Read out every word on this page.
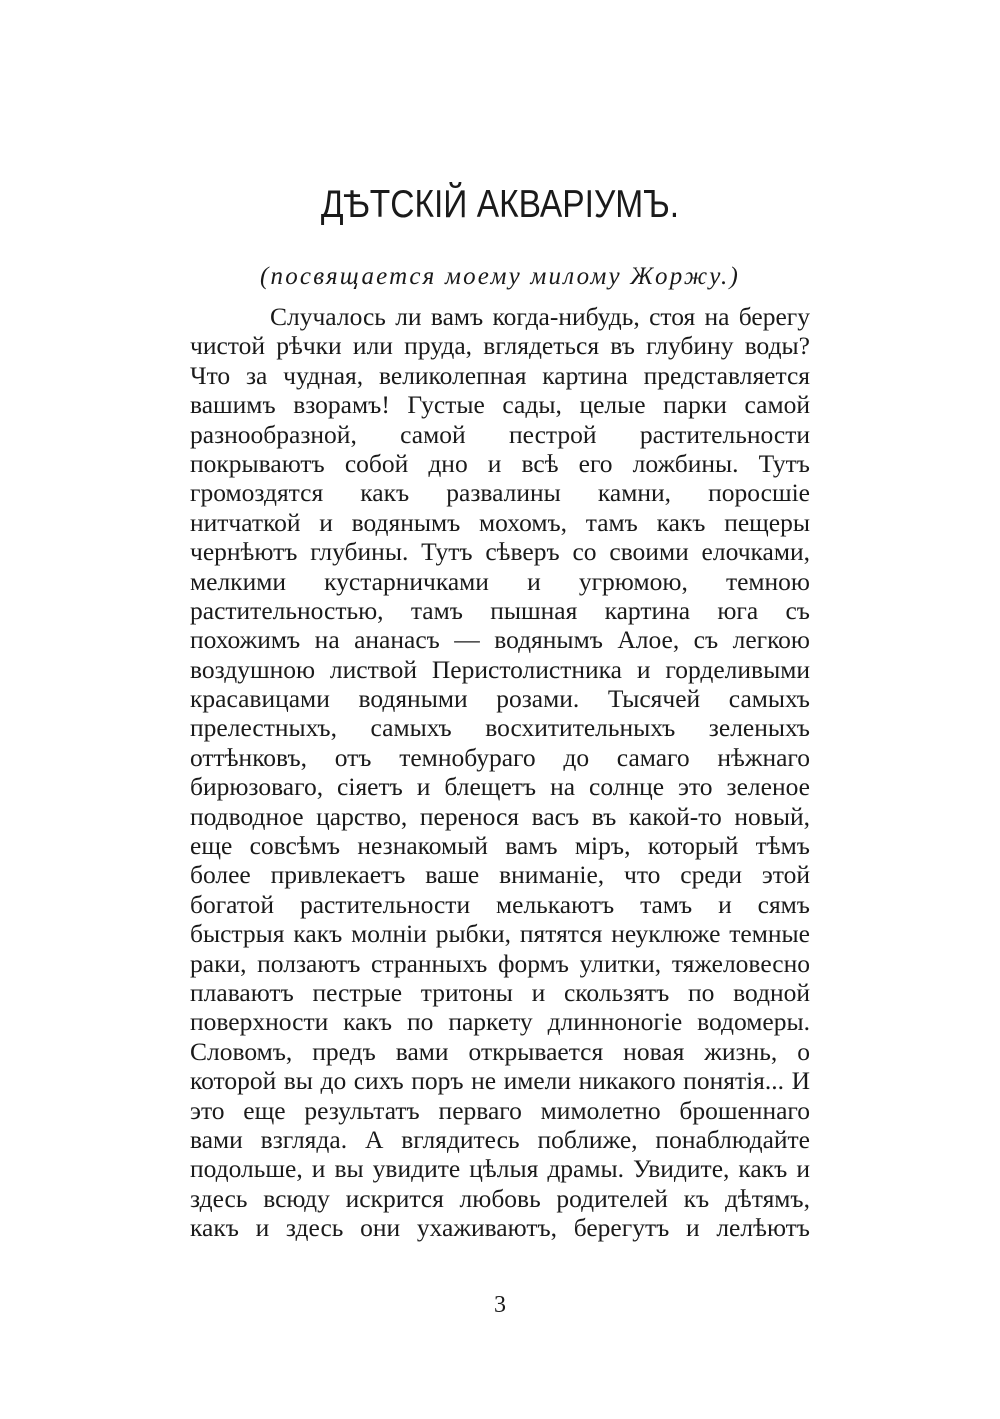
ДѢТСКІЙ АКВАРІУМЪ.
(посвящается моему милому Жоржу.)
Случалось ли вамъ когда-нибудь, стоя на берегу
чистой рѣчки или пруда, вглядеться въ глубину воды?
Что за чудная, великолепная картина представляется
вашимъ взорамъ! Густые сады, целые парки самой
разнообразной, самой пестрой растительности
покрываютъ собой дно и всѣ его ложбины. Тутъ
громоздятся какъ развалины камни, поросшіе
нитчаткой и водянымъ мохомъ, тамъ какъ пещеры
чернѣютъ глубины. Тутъ сѣверъ со своими елочками,
мелкими кустарничками и угрюмою, темною
растительностью, тамъ пышная картина юга съ
похожимъ на ананасъ — водянымъ Алое, съ легкою
воздушною листвой Перистолистника и горделивыми
красавицами водяными розами. Тысячей самыхъ
прелестныхъ, самыхъ восхитительныхъ зеленыхъ
оттѣнковъ, отъ темнобураго до самаго нѣжнаго
бирюзоваго, сіяетъ и блещетъ на солнце это зеленое
подводное царство, перенося васъ въ какой-то новый,
еще совсѣмъ незнакомый вамъ міръ, который тѣмъ
более привлекаетъ ваше вниманіе, что среди этой
богатой растительности мелькаютъ тамъ и сямъ
быстрыя какъ молніи рыбки, пятятся неуклюже темные
раки, ползаютъ странныхъ формъ улитки, тяжеловесно
плаваютъ пестрые тритоны и скользятъ по водной
поверхности какъ по паркету длинноногіе водомеры.
Словомъ, предъ вами открывается новая жизнь, о
которой вы до сихъ поръ не имели никакого понятія... И
это еще результатъ перваго мимолетно брошеннаго
вами взгляда. А вглядитесь поближе, понаблюдайте
подольше, и вы увидите цѣлыя драмы. Увидите, какъ и
здесь всюду искрится любовь родителей къ дѣтямъ,
какъ и здесь они ухаживаютъ, берегутъ и лелѣютъ
3
